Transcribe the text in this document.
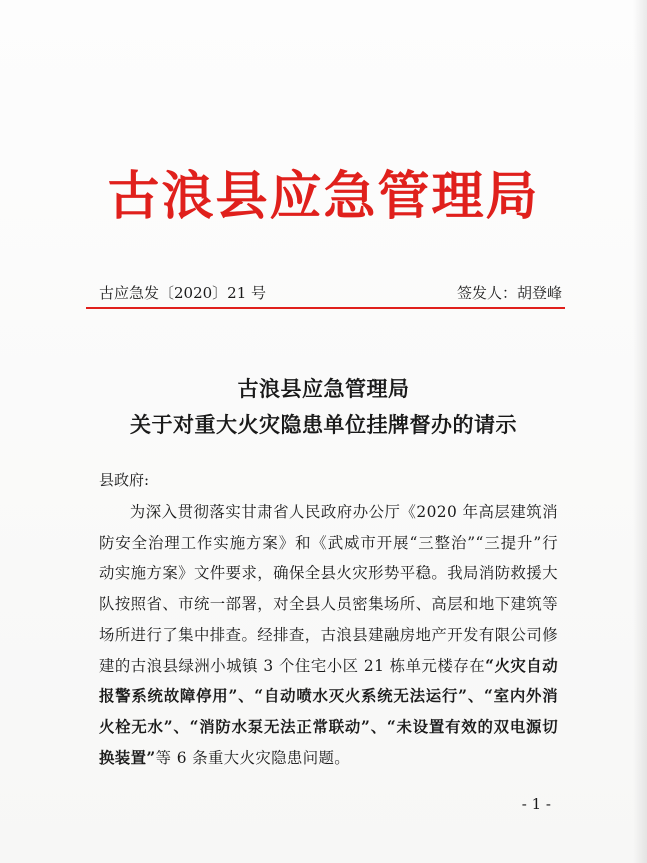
古浪县应急管理局
古应急发〔2020〕21 号	签发人：胡登峰
古浪县应急管理局
关于对重大火灾隐患单位挂牌督办的请示
县政府:
为深入贯彻落实甘肃省人民政府办公厅《2020 年高层建筑消防安全治理工作实施方案》和《武威市开展“三整治”“三提升”行动实施方案》文件要求，确保全县火灾形势平稳。我局消防救援大队按照省、市统一部署，对全县人员密集场所、高层和地下建筑等场所进行了集中排查。经排查，古浪县建融房地产开发有限公司修建的古浪县绿洲小城镇 3 个住宅小区 21 栋单元楼存在“火灾自动报警系统故障停用”、“自动喷水灭火系统无法运行”、“室内外消火栓无水”、“消防水泵无法正常联动”、“未设置有效的双电源切换装置”等 6 条重大火灾隐患问题。
- 1 -
